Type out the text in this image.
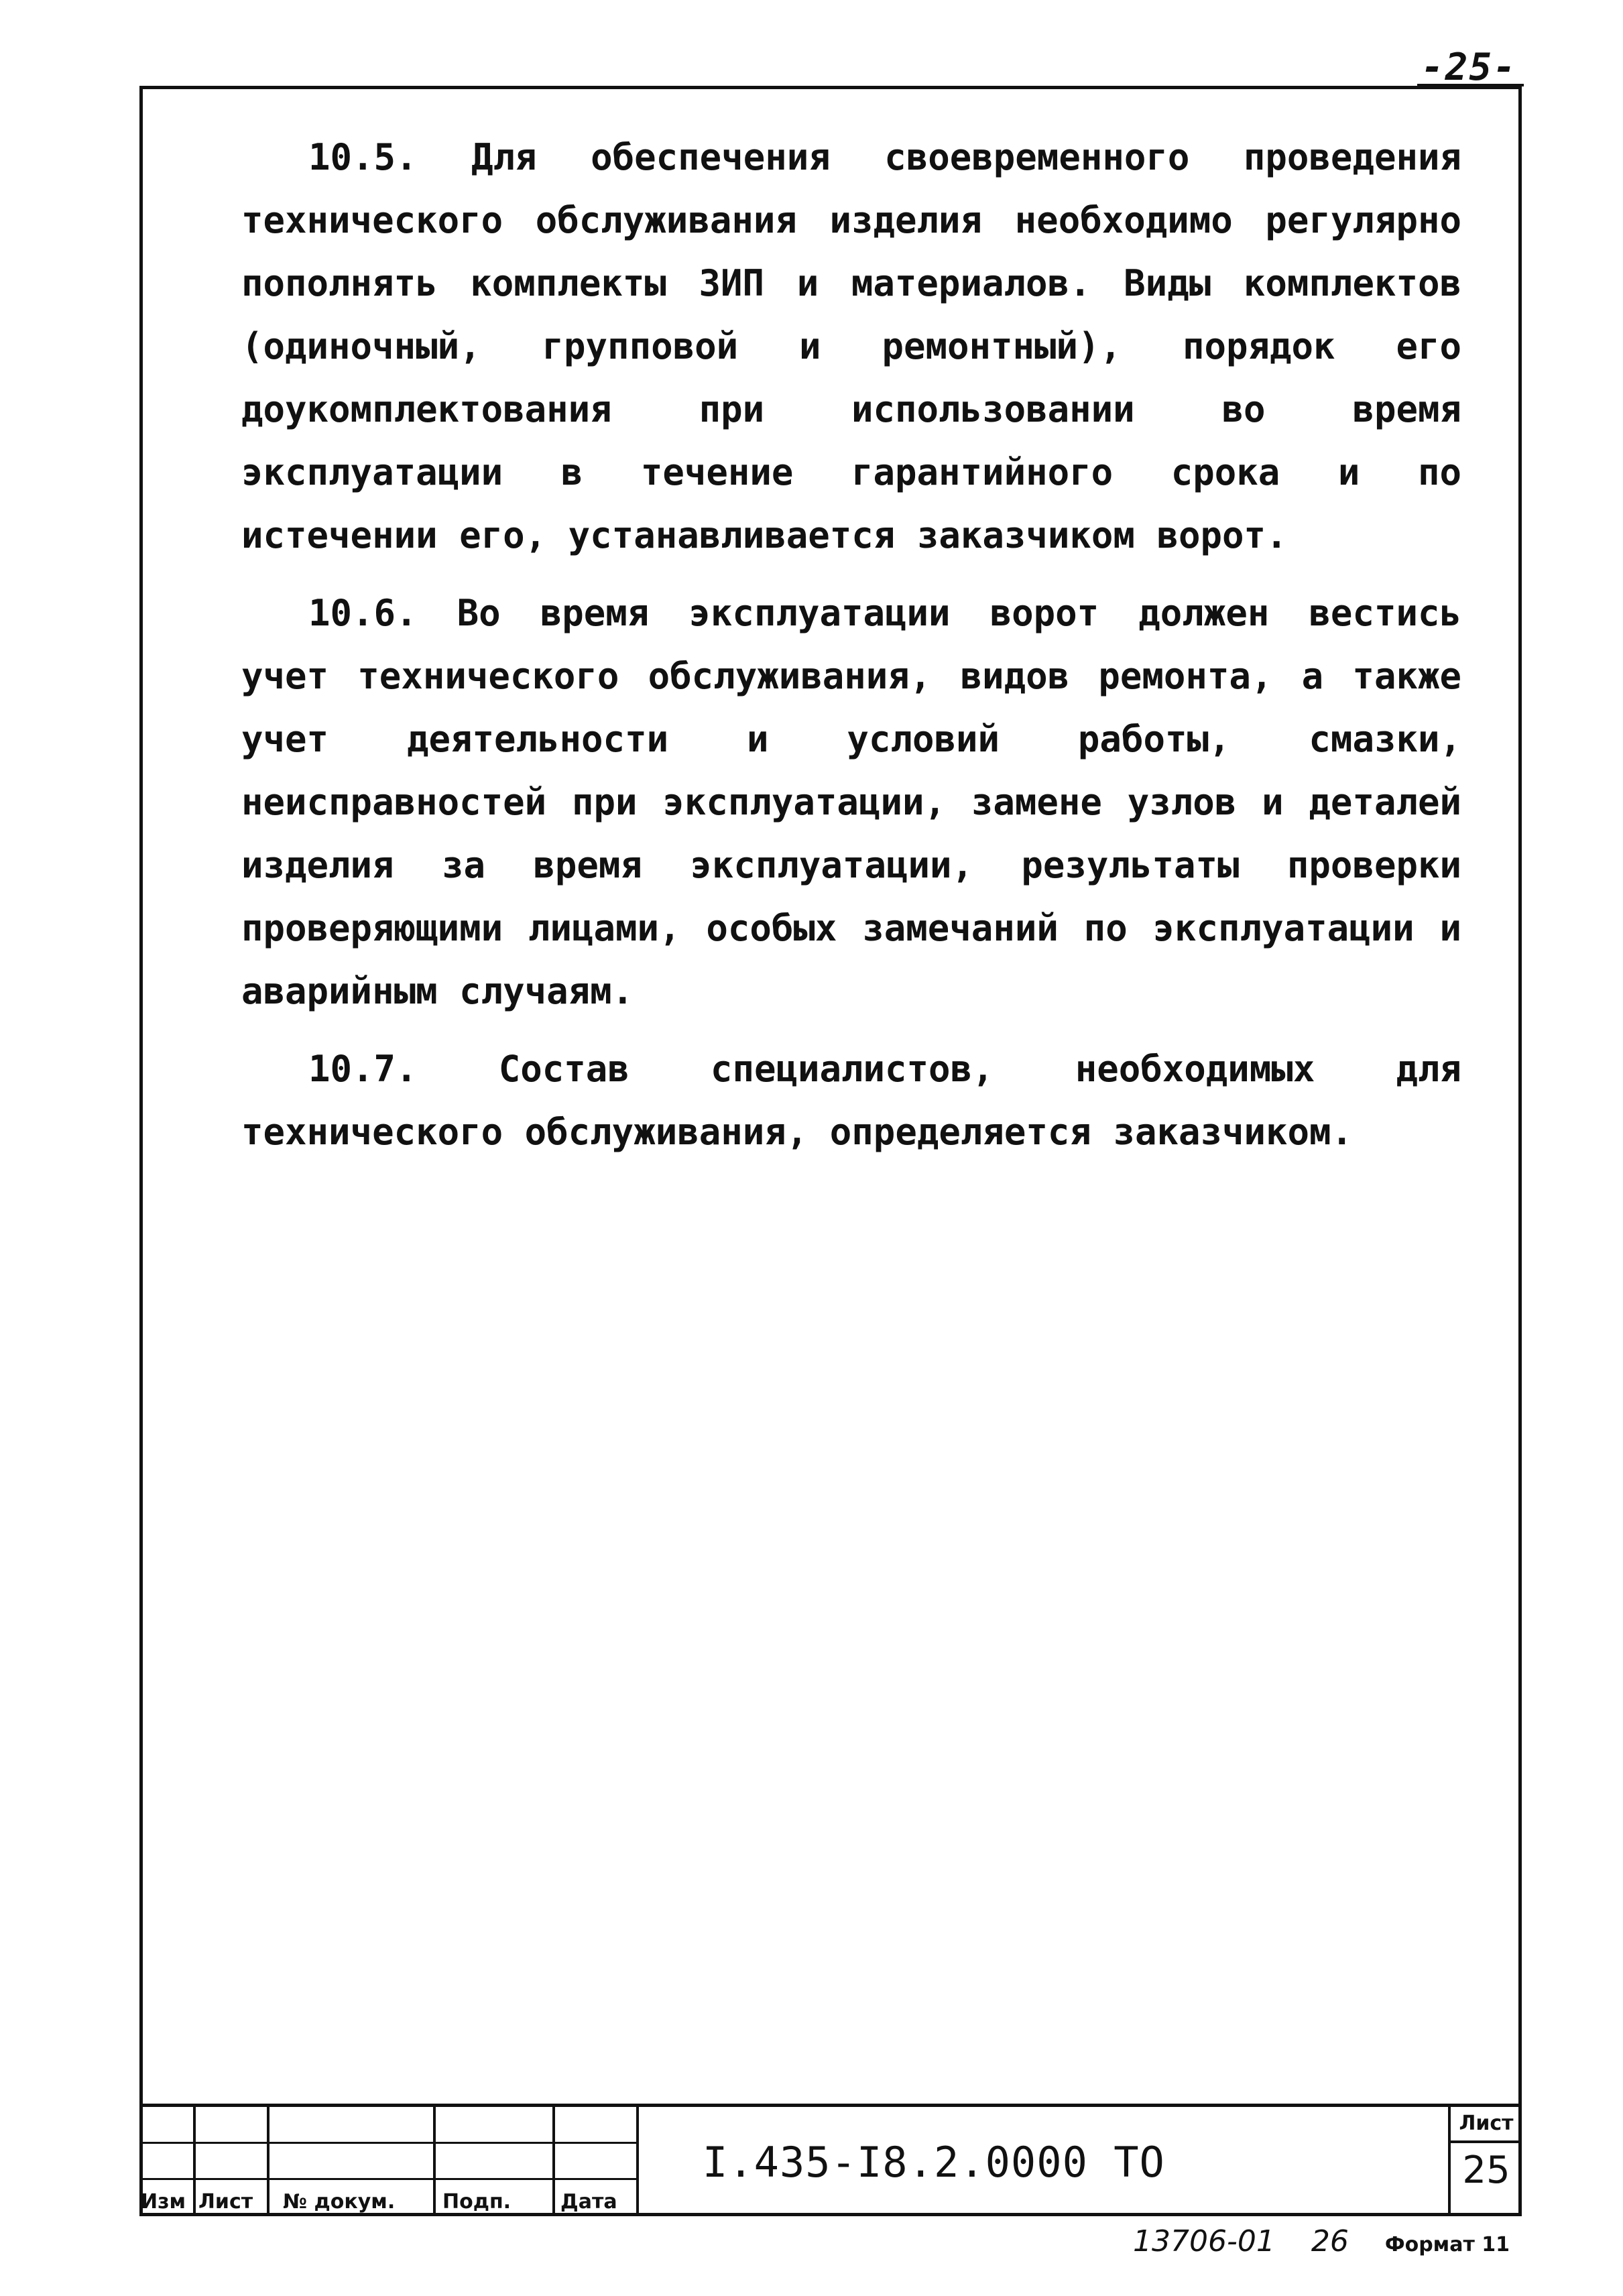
-25-

10.5. Для обеспечения своевременного проведения технического обслуживания изделия необходимо регулярно пополнять комплекты ЗИП и материалов. Виды комплектов (одиночный, групповой и ремонтный), порядок его доукомплектования при использовании во время эксплуатации в течение гарантийного срока и по истечении его, устанавливается заказчиком ворот.

10.6. Во время эксплуатации ворот должен вестись учет технического обслуживания, видов ремонта, а также учет деятельности и условий работы, смазки, неисправностей при эксплуатации, замене узлов и деталей изделия за время эксплуатации, результаты проверки проверяющими лицами, особых замечаний по эксплуатации и аварийным случаям.

10.7. Состав специалистов, необходимых для технического обслуживания, определяется заказчиком.

Изм Лист № докум. Подп. Дата
I.435-I8.2.0000 ТО
Лист
25
13706-01 26 Формат 11
